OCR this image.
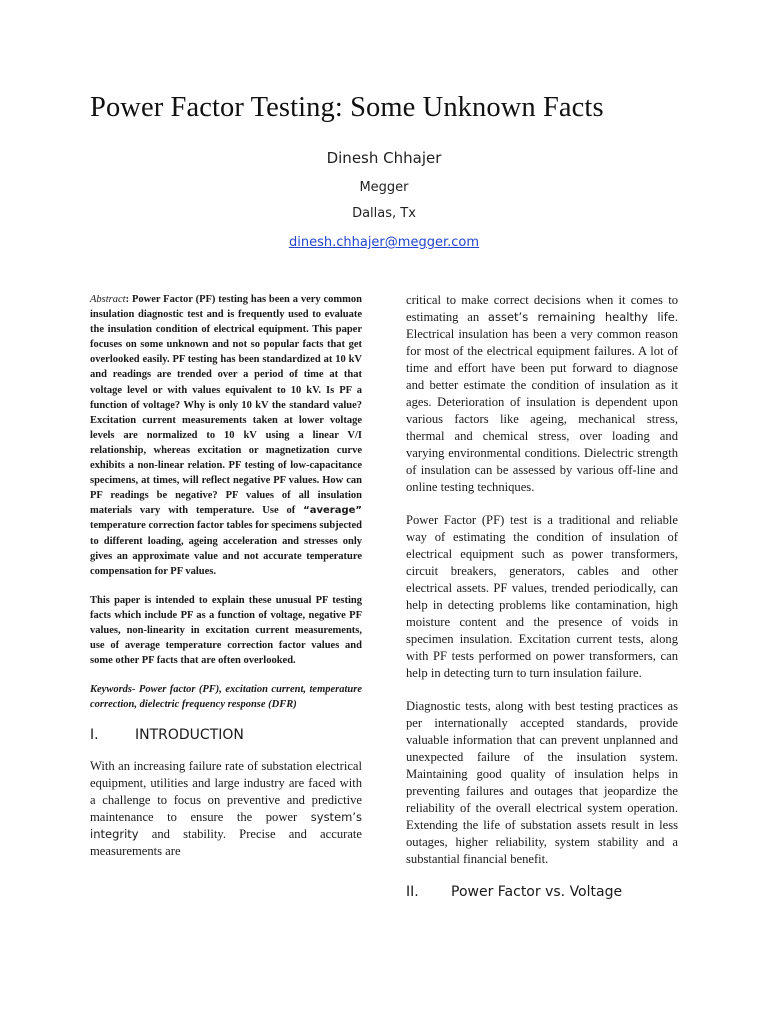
Power Factor Testing: Some Unknown Facts
Dinesh Chhajer
Megger
Dallas, Tx
dinesh.chhajer@megger.com

Abstract: Power Factor (PF) testing has been a very common insulation diagnostic test and is frequently used to evaluate the insulation condition of electrical equipment. This paper focuses on some unknown and not so popular facts that get overlooked easily. PF testing has been standardized at 10 kV and readings are trended over a period of time at that voltage level or with values equivalent to 10 kV. Is PF a function of voltage? Why is only 10 kV the standard value? Excitation current measurements taken at lower voltage levels are normalized to 10 kV using a linear V/I relationship, whereas excitation or magnetization curve exhibits a non-linear relation. PF testing of low-capacitance specimens, at times, will reflect negative PF values. How can PF readings be negative? PF values of all insulation materials vary with temperature. Use of “average” temperature correction factor tables for specimens subjected to different loading, ageing acceleration and stresses only gives an approximate value and not accurate temperature compensation for PF values.

This paper is intended to explain these unusual PF testing facts which include PF as a function of voltage, negative PF values, non-linearity in excitation current measurements, use of average temperature correction factor values and some other PF facts that are often overlooked.

Keywords- Power factor (PF), excitation current, temperature correction, dielectric frequency response (DFR)

I.	INTRODUCTION

With an increasing failure rate of substation electrical equipment, utilities and large industry are faced with a challenge to focus on preventive and predictive maintenance to ensure the power system’s integrity and stability. Precise and accurate measurements are

critical to make correct decisions when it comes to estimating an asset’s remaining healthy life. Electrical insulation has been a very common reason for most of the electrical equipment failures. A lot of time and effort have been put forward to diagnose and better estimate the condition of insulation as it ages. Deterioration of insulation is dependent upon various factors like ageing, mechanical stress, thermal and chemical stress, over loading and varying environmental conditions. Dielectric strength of insulation can be assessed by various off-line and online testing techniques.

Power Factor (PF) test is a traditional and reliable way of estimating the condition of insulation of electrical equipment such as power transformers, circuit breakers, generators, cables and other electrical assets. PF values, trended periodically, can help in detecting problems like contamination, high moisture content and the presence of voids in specimen insulation. Excitation current tests, along with PF tests performed on power transformers, can help in detecting turn to turn insulation failure.

Diagnostic tests, along with best testing practices as per internationally accepted standards, provide valuable information that can prevent unplanned and unexpected failure of the insulation system. Maintaining good quality of insulation helps in preventing failures and outages that jeopardize the reliability of the overall electrical system operation. Extending the life of substation assets result in less outages, higher reliability, system stability and a substantial financial benefit.

II.	Power Factor vs. Voltage
